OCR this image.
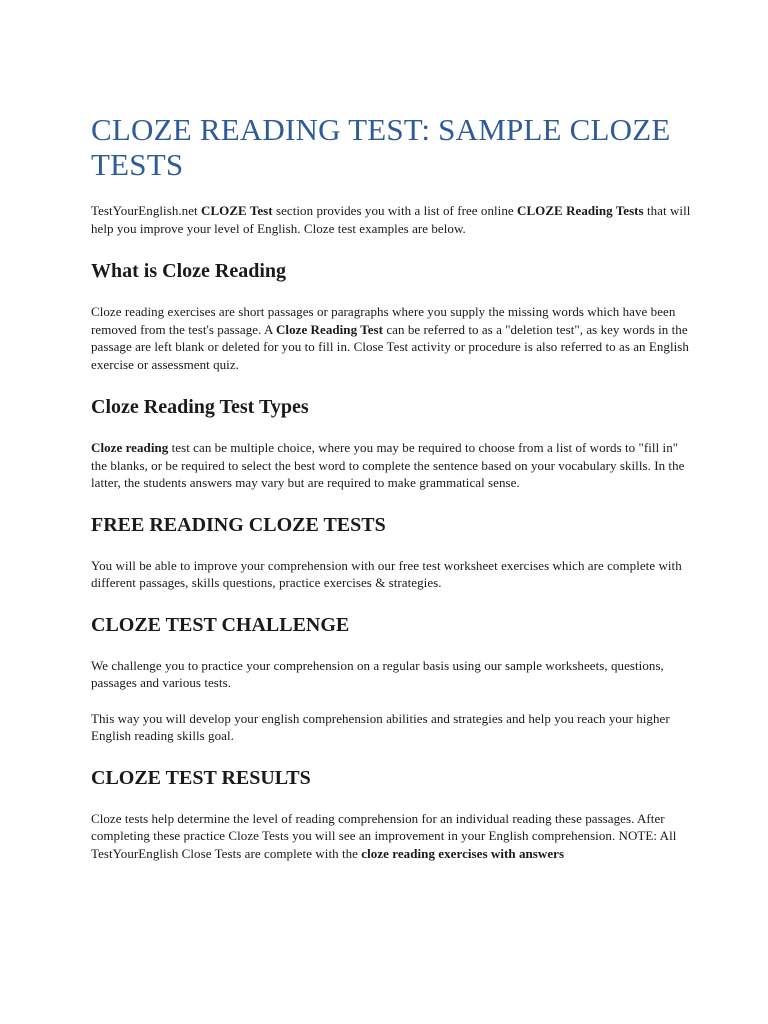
CLOZE READING TEST: SAMPLE CLOZE TESTS

TestYourEnglish.net CLOZE Test section provides you with a list of free online CLOZE Reading Tests that will help you improve your level of English. Cloze test examples are below.

What is Cloze Reading

Cloze reading exercises are short passages or paragraphs where you supply the missing words which have been removed from the test's passage. A Cloze Reading Test can be referred to as a "deletion test", as key words in the passage are left blank or deleted for you to fill in. Close Test activity or procedure is also referred to as an English exercise or assessment quiz.

Cloze Reading Test Types

Cloze reading test can be multiple choice, where you may be required to choose from a list of words to "fill in" the blanks, or be required to select the best word to complete the sentence based on your vocabulary skills. In the latter, the students answers may vary but are required to make grammatical sense.

FREE READING CLOZE TESTS

You will be able to improve your comprehension with our free test worksheet exercises which are complete with different passages, skills questions, practice exercises & strategies.

CLOZE TEST CHALLENGE

We challenge you to practice your comprehension on a regular basis using our sample worksheets, questions, passages and various tests.

This way you will develop your english comprehension abilities and strategies and help you reach your higher English reading skills goal.

CLOZE TEST RESULTS

Cloze tests help determine the level of reading comprehension for an individual reading these passages. After completing these practice Cloze Tests you will see an improvement in your English comprehension. NOTE: All TestYourEnglish Close Tests are complete with the cloze reading exercises with answers
